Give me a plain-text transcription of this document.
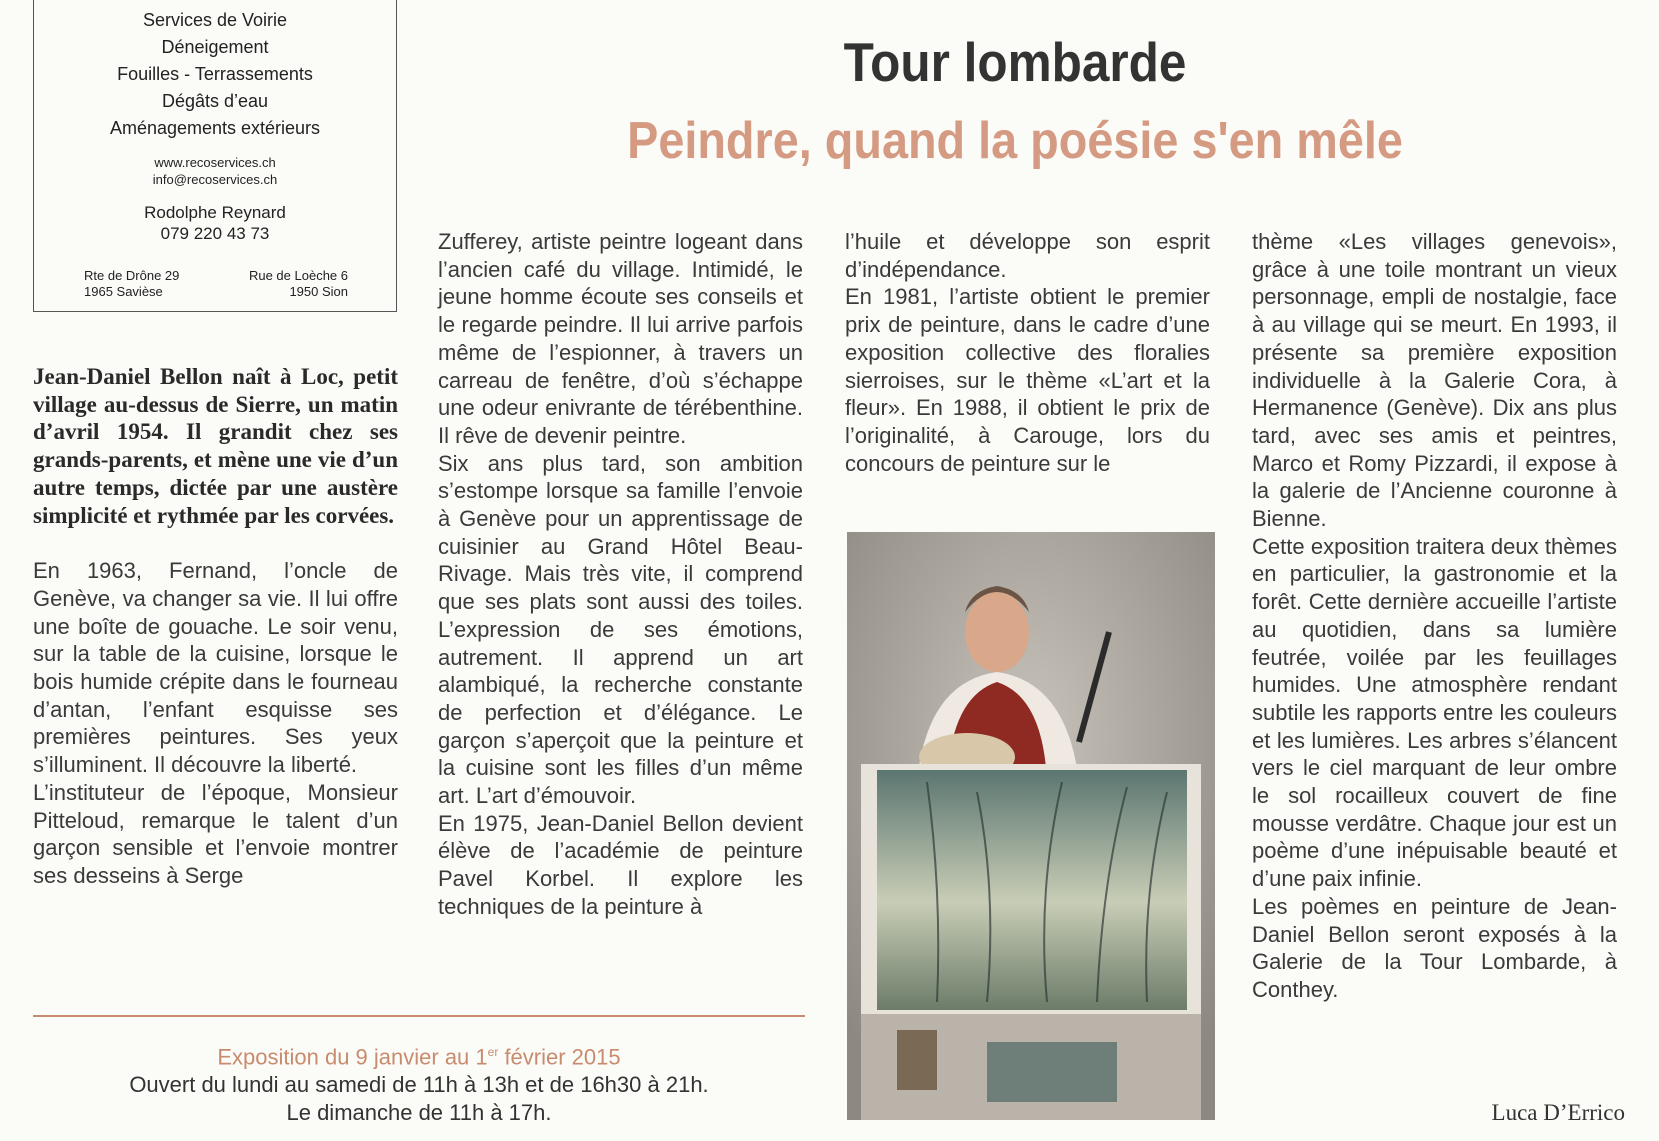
Services de Voirie
Déneigement
Fouilles - Terrassements
Dégâts d’eau
Aménagements extérieurs
www.recoservices.ch
info@recoservices.ch
Rodolphe Reynard
079 220 43 73
Rte de Drône 29
1965 Savièse
Rue de Loèche 6
1950 Sion
Tour lombarde
Peindre, quand la poésie s'en mêle

Jean-Daniel Bellon naît à Loc, petit village au-dessus de Sierre, un matin d’avril 1954. Il grandit chez ses grands-parents, et mène une vie d’un autre temps, dictée par une austère simplicité et rythmée par les corvées.

En 1963, Fernand, l’oncle de Genève, va changer sa vie. Il lui offre une boîte de gouache. Le soir venu, sur la table de la cuisine, lorsque le bois humide crépite dans le fourneau d’antan, l’enfant esquisse ses premières peintures. Ses yeux s’illuminent. Il découvre la liberté.

L’instituteur de l’époque, Monsieur Pitteloud, remarque le talent d’un garçon sensible et l’envoie montrer ses desseins à Serge

Zufferey, artiste peintre logeant dans l’ancien café du village. Intimidé, le jeune homme écoute ses conseils et le regarde peindre. Il lui arrive parfois même de l’espionner, à travers un carreau de fenêtre, d’où s’échappe une odeur enivrante de térébenthine. Il rêve de devenir peintre.

Six ans plus tard, son ambition s’estompe lorsque sa famille l’envoie à Genève pour un apprentissage de cuisinier au Grand Hôtel Beau-Rivage. Mais très vite, il comprend que ses plats sont aussi des toiles. L’expression de ses émotions, autrement. Il apprend un art alambiqué, la recherche constante de perfection et d’élégance. Le garçon s’aperçoit que la peinture et la cuisine sont les filles d’un même art. L’art d’émouvoir.

En 1975, Jean-Daniel Bellon devient élève de l’académie de peinture Pavel Korbel. Il explore les techniques de la peinture à

l’huile et développe son esprit d’indépendance.

En 1981, l’artiste obtient le premier prix de peinture, dans le cadre d’une exposition collective des floralies sierroises, sur le thème «L’art et la fleur». En 1988, il obtient le prix de l’originalité, à Carouge, lors du concours de peinture sur le

thème «Les villages genevois», grâce à une toile montrant un vieux personnage, empli de nostalgie, face à au village qui se meurt. En 1993, il présente sa première exposition individuelle à la Galerie Cora, à Hermanence (Genève). Dix ans plus tard, avec ses amis et peintres, Marco et Romy Pizzardi, il expose à la galerie de l’Ancienne couronne à Bienne.

Cette exposition traitera deux thèmes en particulier, la gastronomie et la forêt. Cette dernière accueille l’artiste au quotidien, dans sa lumière feutrée, voilée par les feuillages humides. Une atmosphère rendant subtile les rapports entre les couleurs et les lumières. Les arbres s’élancent vers le ciel marquant de leur ombre le sol rocailleux couvert de fine mousse verdâtre. Chaque jour est un poème d’une inépuisable beauté et d’une paix infinie.

Les poèmes en peinture de Jean-Daniel Bellon seront exposés à la Galerie de la Tour Lombarde, à Conthey.

Luca D’Errico
Exposition du 9 janvier au 1er février 2015
Ouvert du lundi au samedi de 11h à 13h et de 16h30 à 21h.
Le dimanche de 11h à 17h.
